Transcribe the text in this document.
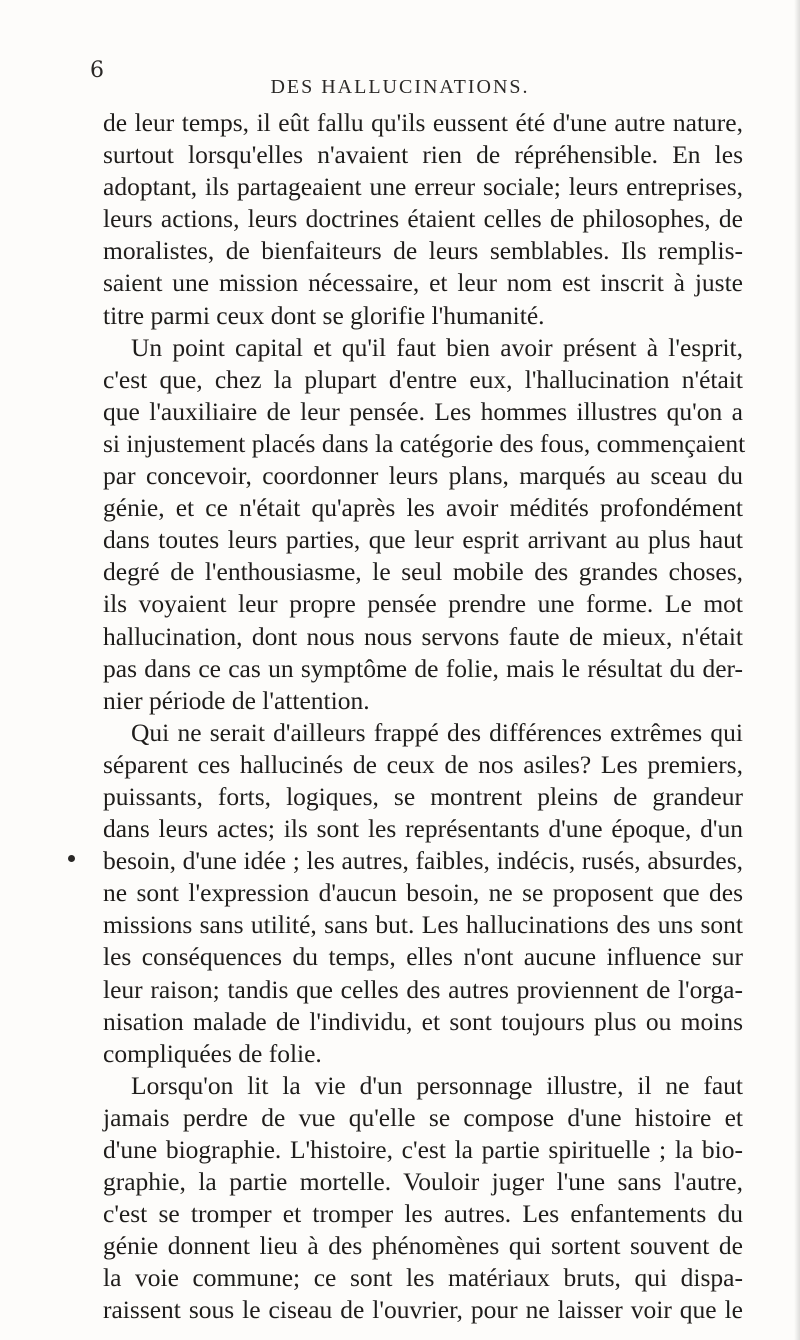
6
DES HALLUCINATIONS.
de leur temps, il eût fallu qu'ils eussent été d'une autre nature,
surtout lorsqu'elles n'avaient rien de répréhensible. En les
adoptant, ils partageaient une erreur sociale; leurs entreprises,
leurs actions, leurs doctrines étaient celles de philosophes, de
moralistes, de bienfaiteurs de leurs semblables. Ils remplis-
saient une mission nécessaire, et leur nom est inscrit à juste
titre parmi ceux dont se glorifie l'humanité.
Un point capital et qu'il faut bien avoir présent à l'esprit,
c'est que, chez la plupart d'entre eux, l'hallucination n'était
que l'auxiliaire de leur pensée. Les hommes illustres qu'on a
si injustement placés dans la catégorie des fous, commençaient
par concevoir, coordonner leurs plans, marqués au sceau du
génie, et ce n'était qu'après les avoir médités profondément
dans toutes leurs parties, que leur esprit arrivant au plus haut
degré de l'enthousiasme, le seul mobile des grandes choses,
ils voyaient leur propre pensée prendre une forme. Le mot
hallucination, dont nous nous servons faute de mieux, n'était
pas dans ce cas un symptôme de folie, mais le résultat du der-
nier période de l'attention.
Qui ne serait d'ailleurs frappé des différences extrêmes qui
séparent ces hallucinés de ceux de nos asiles? Les premiers,
puissants, forts, logiques, se montrent pleins de grandeur
dans leurs actes; ils sont les représentants d'une époque, d'un
besoin, d'une idée ; les autres, faibles, indécis, rusés, absurdes,
ne sont l'expression d'aucun besoin, ne se proposent que des
missions sans utilité, sans but. Les hallucinations des uns sont
les conséquences du temps, elles n'ont aucune influence sur
leur raison; tandis que celles des autres proviennent de l'orga-
nisation malade de l'individu, et sont toujours plus ou moins
compliquées de folie.
Lorsqu'on lit la vie d'un personnage illustre, il ne faut
jamais perdre de vue qu'elle se compose d'une histoire et
d'une biographie. L'histoire, c'est la partie spirituelle ; la bio-
graphie, la partie mortelle. Vouloir juger l'une sans l'autre,
c'est se tromper et tromper les autres. Les enfantements du
génie donnent lieu à des phénomènes qui sortent souvent de
la voie commune; ce sont les matériaux bruts, qui dispa-
raissent sous le ciseau de l'ouvrier, pour ne laisser voir que le
